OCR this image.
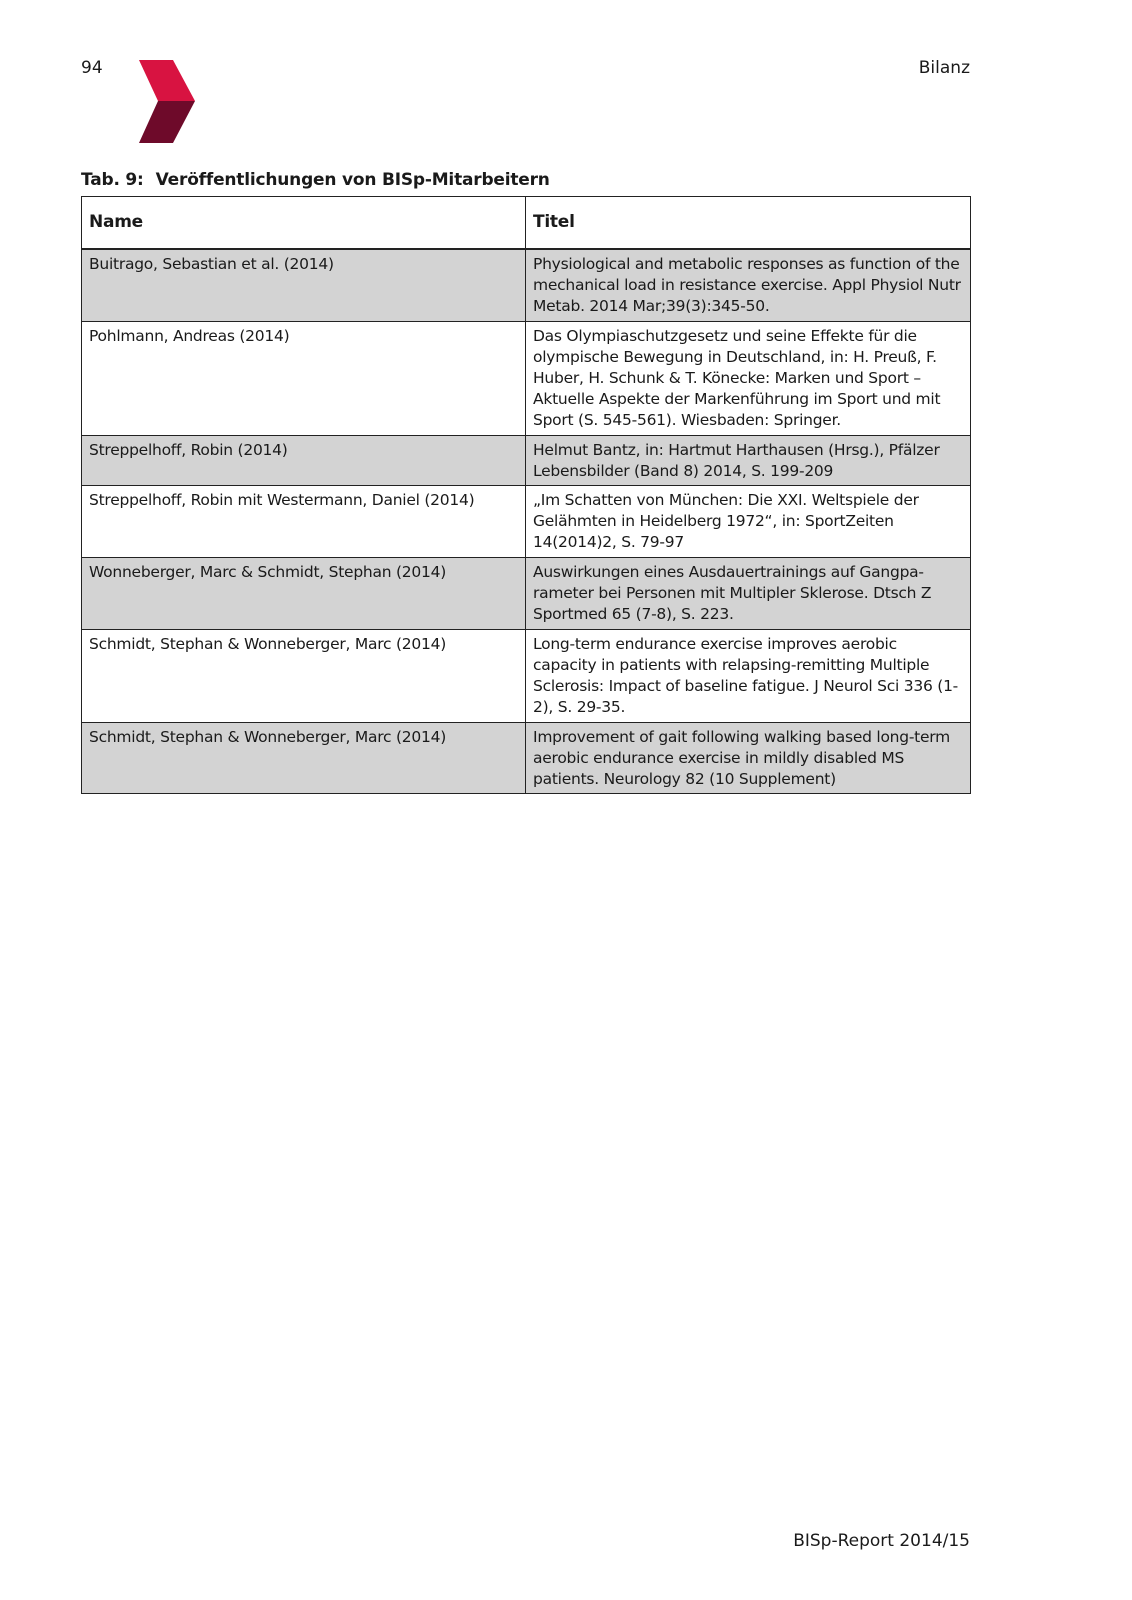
94	Bilanz
Tab. 9: Veröffentlichungen von BISp-Mitarbeitern
Name	Titel
Buitrago, Sebastian et al. (2014)	Physiological and metabolic responses as function of the mechanical load in resistance exercise. Appl Physiol Nutr Metab. 2014 Mar;39(3):345-50.
Pohlmann, Andreas (2014)	Das Olympiaschutzgesetz und seine Effekte für die olympische Bewegung in Deutschland, in: H. Preuß, F. Huber, H. Schunk & T. Könecke: Marken und Sport – Aktuelle Aspekte der Markenführung im Sport und mit Sport (S. 545-561). Wiesbaden: Springer.
Streppelhoff, Robin (2014)	Helmut Bantz, in: Hartmut Harthausen (Hrsg.), Pfälzer Lebensbilder (Band 8) 2014, S. 199-209
Streppelhoff, Robin mit Westermann, Daniel (2014)	„Im Schatten von München: Die XXI. Weltspiele der Gelähmten in Heidelberg 1972“, in: SportZeiten 14(2014)2, S. 79-97
Wonneberger, Marc & Schmidt, Stephan (2014)	Auswirkungen eines Ausdauertrainings auf Gangpa-rameter bei Personen mit Multipler Sklerose. Dtsch Z Sportmed 65 (7-8), S. 223.
Schmidt, Stephan & Wonneberger, Marc (2014)	Long-term endurance exercise improves aerobic capacity in patients with relapsing-remitting Multiple Sclerosis: Impact of baseline fatigue. J Neurol Sci 336 (1-2), S. 29-35.
Schmidt, Stephan & Wonneberger, Marc (2014)	Improvement of gait following walking based long-term aerobic endurance exercise in mildly disabled MS patients. Neurology 82 (10 Supplement)
BISp-Report 2014/15
